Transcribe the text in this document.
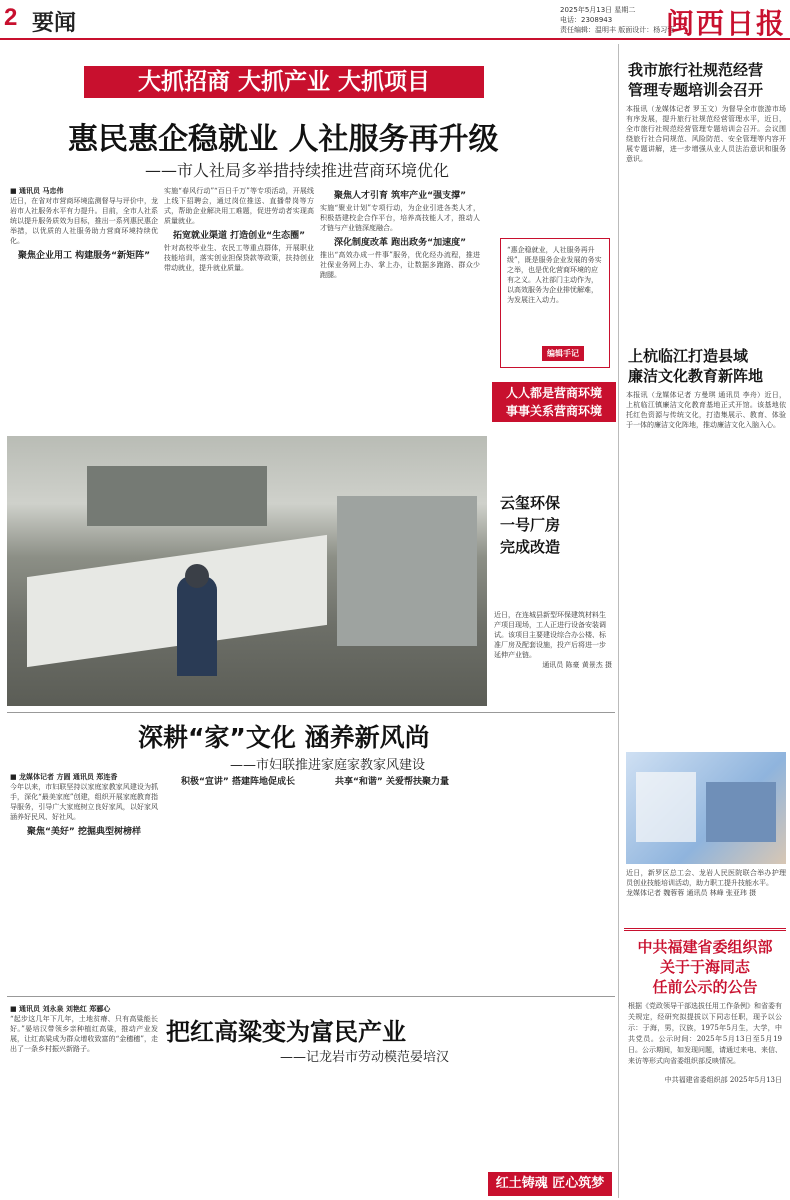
2 要闻
2025年5月13日 星期二
电话：2308943
责任编辑：温明丰 版面设计：杨习蓉
闽西日报
大抓招商 大抓产业 大抓项目
惠民惠企稳就业 人社服务再升级
——市人社局多举措持续推进营商环境优化
■ 通讯员 马忠伟

近日，在省对市营商环境监测督导与评价中，龙岩市人社服务水平有力提升。目前，全市人社系统以提升服务质效为目标，推出一系列惠民惠企举措，以优质的人社服务助力营商环境持续优化。

聚焦企业用工 构建服务“新矩阵”

实施“春风行动”“百日千万”等专项活动，开展线上线下招聘会，通过岗位推送、直播带岗等方式，帮助企业解决用工难题，促进劳动者实现高质量就业。

拓宽就业渠道 打造创业“生态圈”

针对高校毕业生、农民工等重点群体，开展职业技能培训，落实创业担保贷款等政策，扶持创业带动就业，提升就业质量。

聚焦人才引育 筑牢产业“强支撑”

实施“聚业计划”专项行动，为企业引进各类人才，积极搭建校企合作平台，培养高技能人才，推动人才链与产业链深度融合。

深化制度改革 跑出政务“加速度”

推出“高效办成一件事”服务，优化经办流程，推进社保业务网上办、掌上办，让数据多跑路、群众少跑腿。

“惠企稳就业，人社服务再升级”，既是服务企业发展的务实之举，也是优化营商环境的应有之义。人社部门主动作为，以高效服务为企业排忧解难，为发展注入动力。

编辑手记
人人都是营商环境
事事关系营商环境
云玺环保
一号厂房
完成改造

近日，在连城县新型环保建筑材料生产项目现场，工人正进行设备安装调试。该项目主要建设综合办公楼、标准厂房及配套设施，投产后将进一步延伸产业链。

通讯员 陈豪 黄景杰 摄

深耕“家”文化 涵养新风尚
——市妇联推进家庭家教家风建设
■ 龙媒体记者 方圆 通讯员 郑连香

今年以来，市妇联坚持以家庭家教家风建设为抓手，深化“最美家庭”创建，组织开展家庭教育指导服务，引导广大家庭树立良好家风，以好家风涵养好民风、好社风。

聚焦“美好” 挖掘典型树榜样
积极“宣讲” 搭建阵地促成长	共享“和谐” 关爱帮扶聚力量
把红高粱变为富民产业
——记龙岩市劳动模范晏培汉
■ 通讯员 刘永泉 刘艳红 郑郦心

“起步这几年下几年，土地贫瘠、只有高粱能长好。”晏培汉带领乡亲种植红高粱，推动产业发展，让红高粱成为群众增收致富的“金穗穗”，走出了一条乡村振兴新路子。

红土铸魂 匠心筑梦
我市旅行社规范经营
管理专题培训会召开

本报讯（龙媒体记者 罗玉文）为督导全市旅游市场有序发展，提升旅行社规范经营管理水平，近日，全市旅行社规范经营管理专题培训会召开。会议围绕旅行社合同规范、风险防范、安全管理等内容开展专题讲解，进一步增强从业人员法治意识和服务意识。

上杭临江打造县域
廉洁文化教育新阵地

本报讯（龙媒体记者 方曼琪 通讯员 李舟）近日，上杭临江镇廉洁文化教育基地正式开馆。该基地依托红色资源与传统文化，打造集展示、教育、体验于一体的廉洁文化阵地，推动廉洁文化入脑入心。

近日，新罗区总工会、龙岩人民医院联合举办护理员创业技能培训活动，助力职工提升技能水平。

龙媒体记者 魏蓉蓉 通讯员 林峰 张亚玮 摄

中共福建省委组织部
关于于海同志
任前公示的公告

根据《党政领导干部选拔任用工作条例》和省委有关规定，经研究拟提拔以下同志任职，现予以公示：于海，男，汉族，1975年5月生，大学，中共党员。公示时间：2025年5月13日至5月19日。公示期间，如发现问题，请通过来电、来信、来访等形式向省委组织部反映情况。

中共福建省委组织部 2025年5月13日
